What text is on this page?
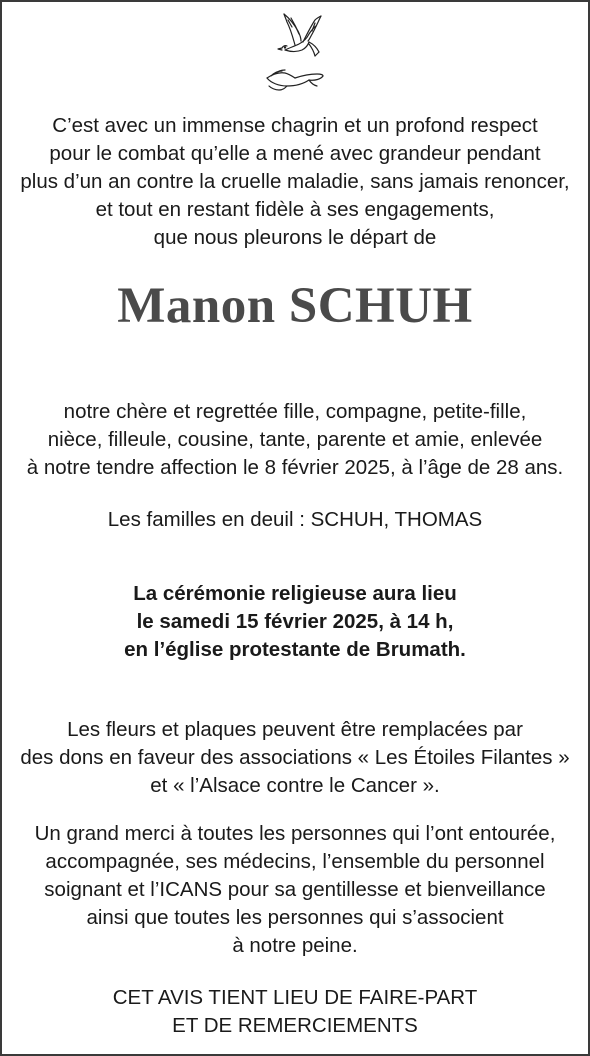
C’est avec un immense chagrin et un profond respect
pour le combat qu’elle a mené avec grandeur pendant
plus d’un an contre la cruelle maladie, sans jamais renoncer,
et tout en restant fidèle à ses engagements,
que nous pleurons le départ de
Manon SCHUH
notre chère et regrettée fille, compagne, petite-fille,
nièce, filleule, cousine, tante, parente et amie, enlevée
à notre tendre affection le 8 février 2025, à l’âge de 28 ans.
Les familles en deuil : SCHUH, THOMAS
La cérémonie religieuse aura lieu
le samedi 15 février 2025, à 14 h,
en l’église protestante de Brumath.
Les fleurs et plaques peuvent être remplacées par
des dons en faveur des associations « Les Étoiles Filantes »
et « l’Alsace contre le Cancer ».
Un grand merci à toutes les personnes qui l’ont entourée,
accompagnée, ses médecins, l’ensemble du personnel
soignant et l’ICANS pour sa gentillesse et bienveillance
ainsi que toutes les personnes qui s’associent
à notre peine.
CET AVIS TIENT LIEU DE FAIRE-PART
ET DE REMERCIEMENTS
